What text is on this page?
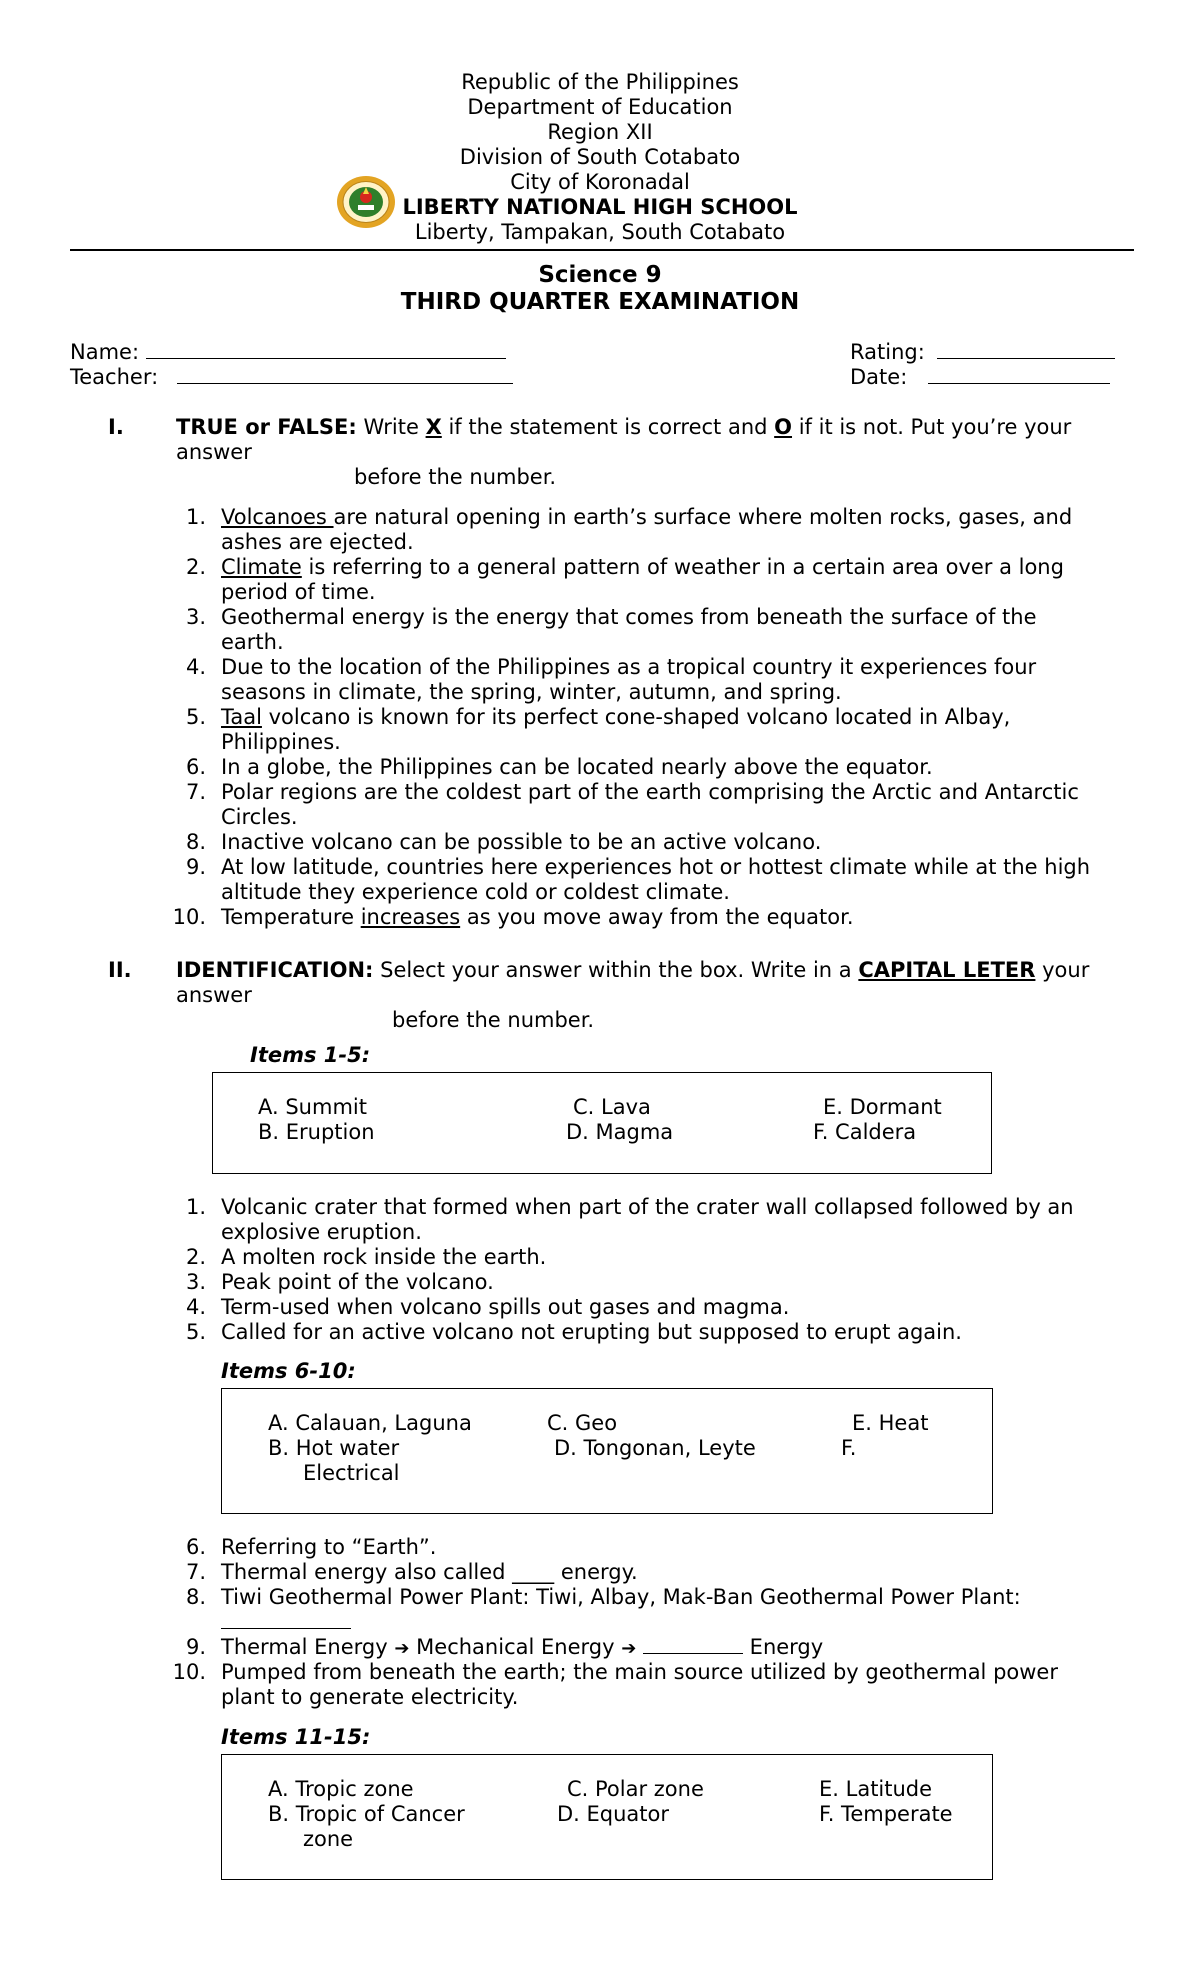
Republic of the Philippines
Department of Education
Region XII
Division of South Cotabato
City of Koronadal
LIBERTY NATIONAL HIGH SCHOOL
Liberty, Tampakan, South Cotabato
Science 9
THIRD QUARTER EXAMINATION
Name:
Teacher:
Rating:
Date:
I. TRUE or FALSE: Write X if the statement is correct and O if it is not. Put you’re your
answer
before the number.
1. Volcanoes are natural opening in earth’s surface where molten rocks, gases, and
ashes are ejected.
2. Climate is referring to a general pattern of weather in a certain area over a long
period of time.
3. Geothermal energy is the energy that comes from beneath the surface of the
earth.
4. Due to the location of the Philippines as a tropical country it experiences four
seasons in climate, the spring, winter, autumn, and spring.
5. Taal volcano is known for its perfect cone-shaped volcano located in Albay,
Philippines.
6. In a globe, the Philippines can be located nearly above the equator.
7. Polar regions are the coldest part of the earth comprising the Arctic and Antarctic
Circles.
8. Inactive volcano can be possible to be an active volcano.
9. At low latitude, countries here experiences hot or hottest climate while at the high
altitude they experience cold or coldest climate.
10. Temperature increases as you move away from the equator.
II. IDENTIFICATION: Select your answer within the box. Write in a CAPITAL LETER your
answer
before the number.
Items 1-5:
A. Summit
B. Eruption
C. Lava
D. Magma
E. Dormant
F. Caldera
1. Volcanic crater that formed when part of the crater wall collapsed followed by an
explosive eruption.
2. A molten rock inside the earth.
3. Peak point of the volcano.
4. Term-used when volcano spills out gases and magma.
5. Called for an active volcano not erupting but supposed to erupt again.
Items 6-10:
A. Calauan, Laguna
B. Hot water
Electrical
C. Geo
D. Tongonan, Leyte
E. Heat
F.
6. Referring to “Earth”.
7. Thermal energy also called ____ energy.
8. Tiwi Geothermal Power Plant: Tiwi, Albay, Mak-Ban Geothermal Power Plant:
9. Thermal Energy ➔ Mechanical Energy ➔	Energy
10. Pumped from beneath the earth; the main source utilized by geothermal power
plant to generate electricity.
Items 11-15:
A. Tropic zone
B. Tropic of Cancer
zone
C. Polar zone
D. Equator
E. Latitude
F. Temperate
